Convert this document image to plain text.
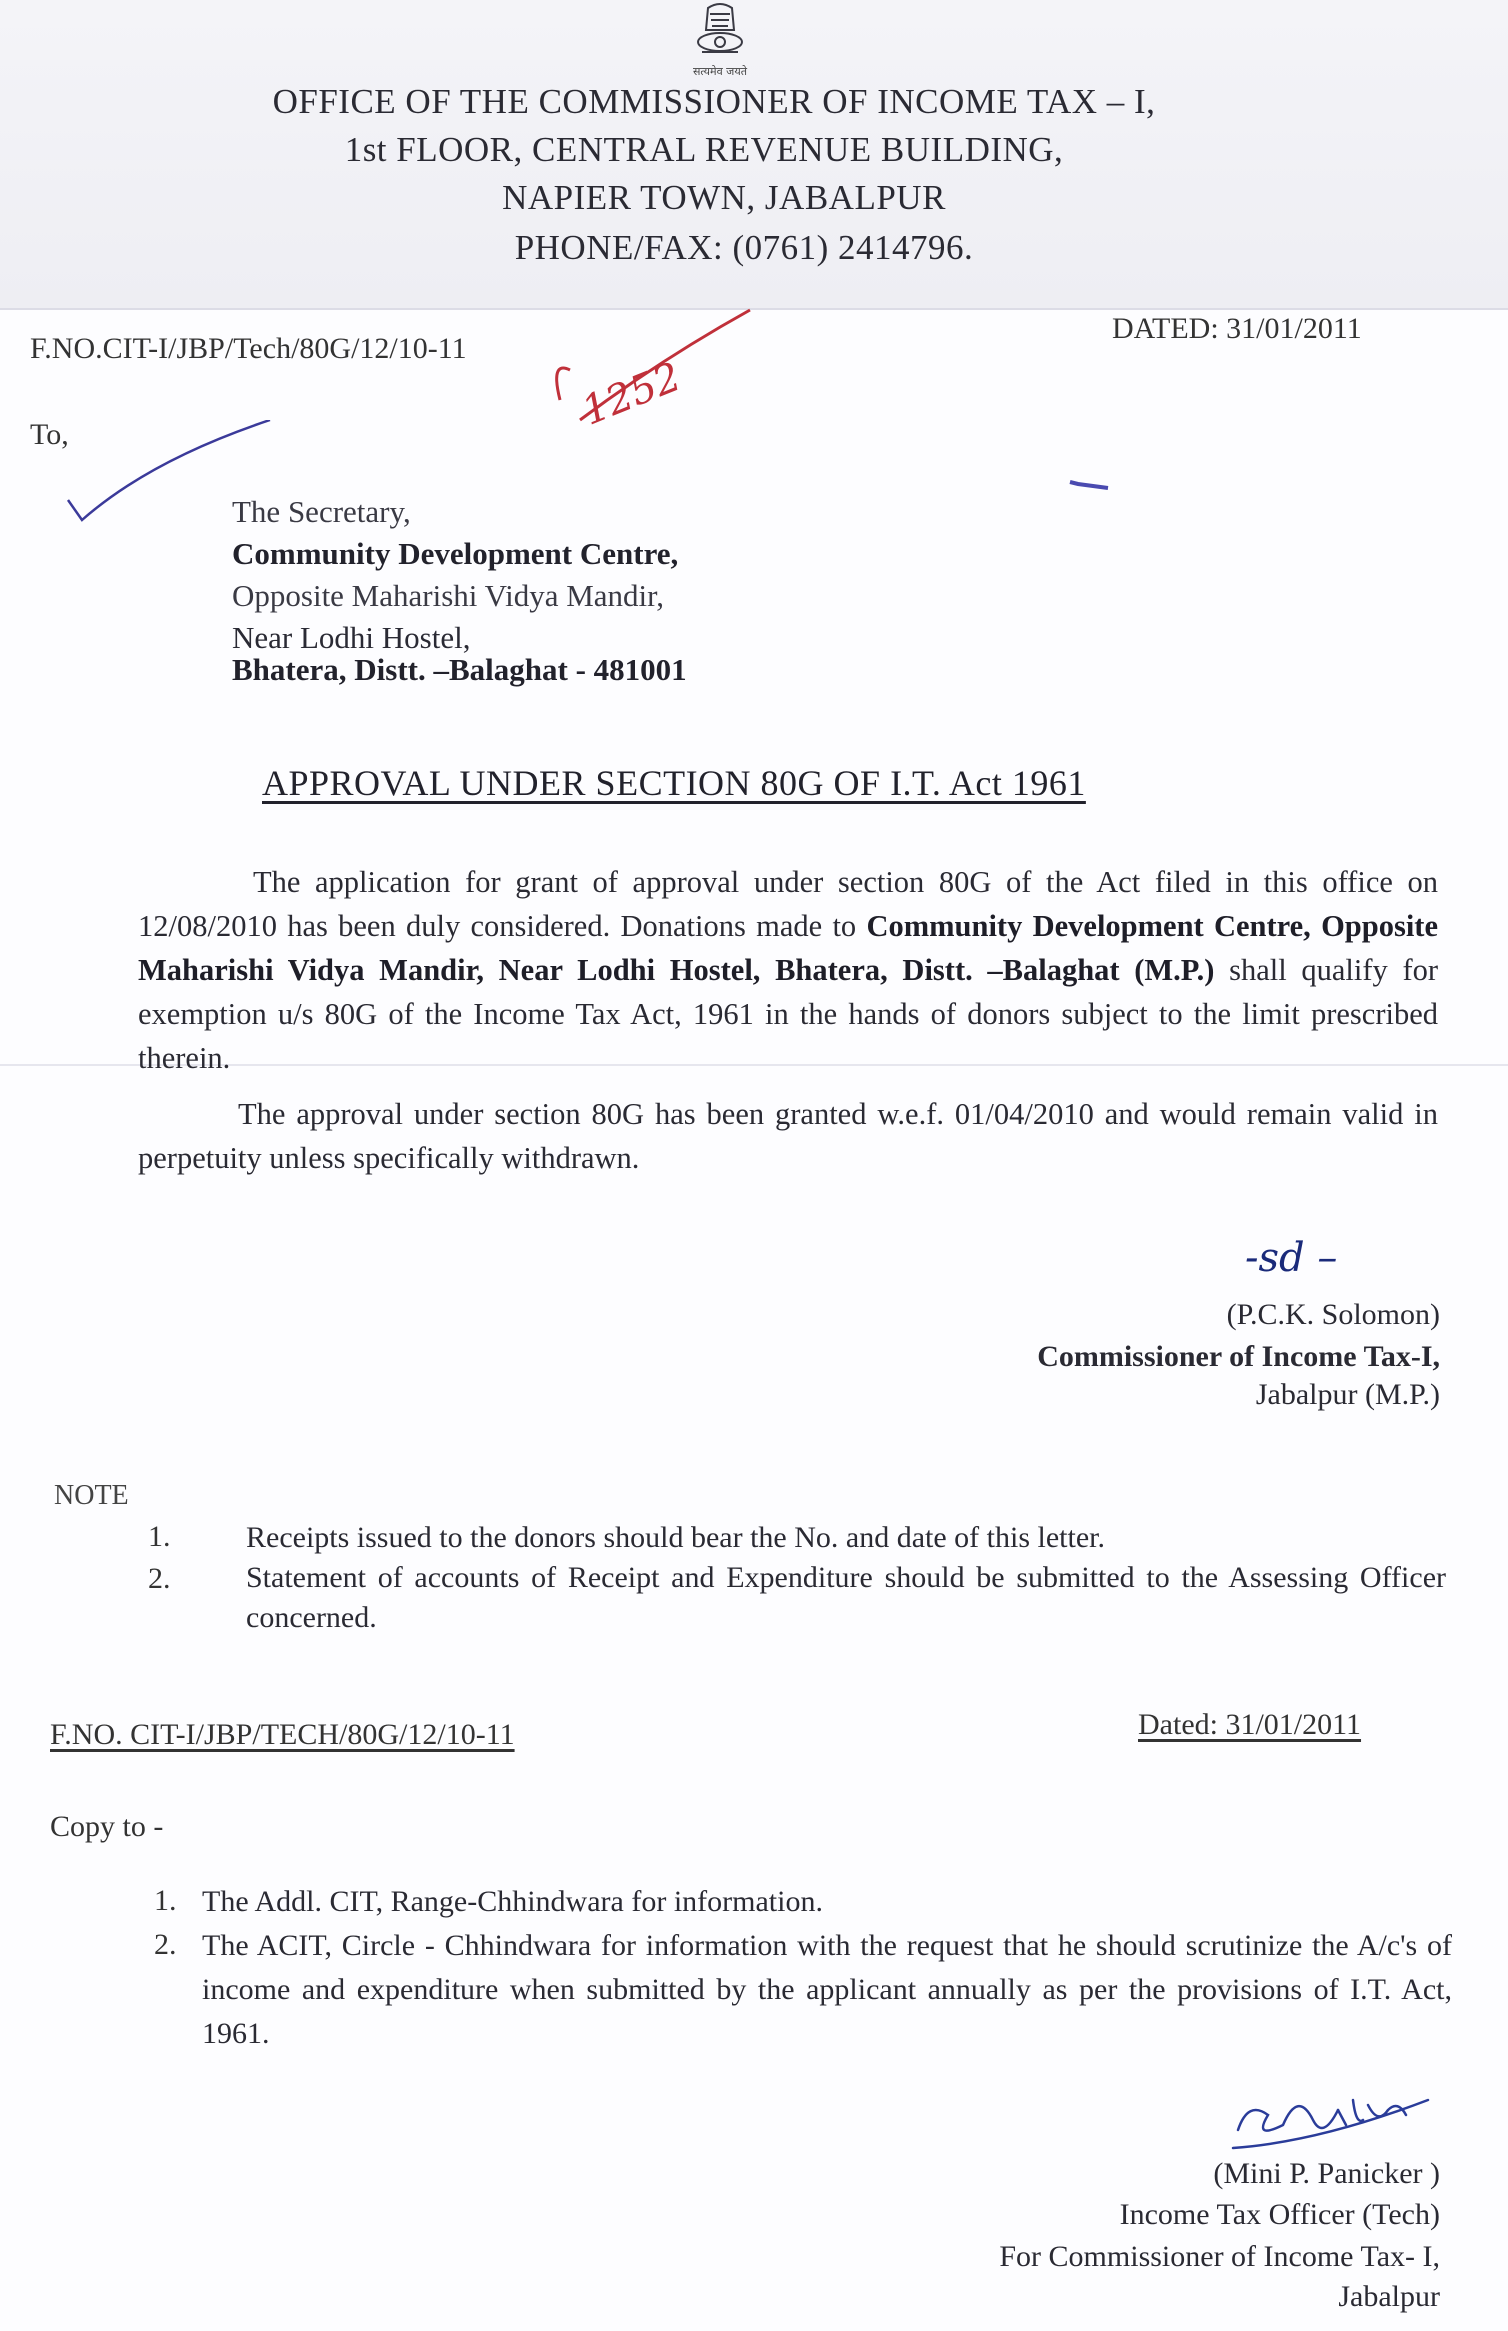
सत्यमेव जयते
OFFICE OF THE COMMISSIONER OF INCOME TAX – I,
1st FLOOR, CENTRAL REVENUE BUILDING,
NAPIER TOWN, JABALPUR
PHONE/FAX: (0761) 2414796.
F.NO.CIT-I/JBP/Tech/80G/12/10-11
DATED: 31/01/2011
1252
To,
The Secretary,
Community Development Centre,
Opposite Maharishi Vidya Mandir,
Near Lodhi Hostel,
Bhatera, Distt. –Balaghat - 481001
APPROVAL UNDER SECTION 80G OF I.T. Act 1961
The application for grant of approval under section 80G of the Act filed in this office on 12/08/2010 has been duly considered. Donations made to Community Development Centre, Opposite Maharishi Vidya Mandir, Near Lodhi Hostel, Bhatera, Distt. –Balaghat (M.P.) shall qualify for exemption u/s 80G of the Income Tax Act, 1961 in the hands of donors subject to the limit prescribed therein.
The approval under section 80G has been granted w.e.f. 01/04/2010 and would remain valid in perpetuity unless specifically withdrawn.
-sd –
(P.C.K. Solomon)
Commissioner of Income Tax-I,
Jabalpur (M.P.)
NOTE
1.	Receipts issued to the donors should bear the No. and date of this letter.
2.	Statement of accounts of Receipt and Expenditure should be submitted to the Assessing Officer concerned.
F.NO. CIT-I/JBP/TECH/80G/12/10-11	Dated: 31/01/2011
Copy to -
1. The Addl. CIT, Range-Chhindwara for information.
2. The ACIT, Circle - Chhindwara for information with the request that he should scrutinize the A/c's of income and expenditure when submitted by the applicant annually as per the provisions of I.T. Act, 1961.
(Mini P. Panicker )
Income Tax Officer (Tech)
For Commissioner of Income Tax- I,
Jabalpur
